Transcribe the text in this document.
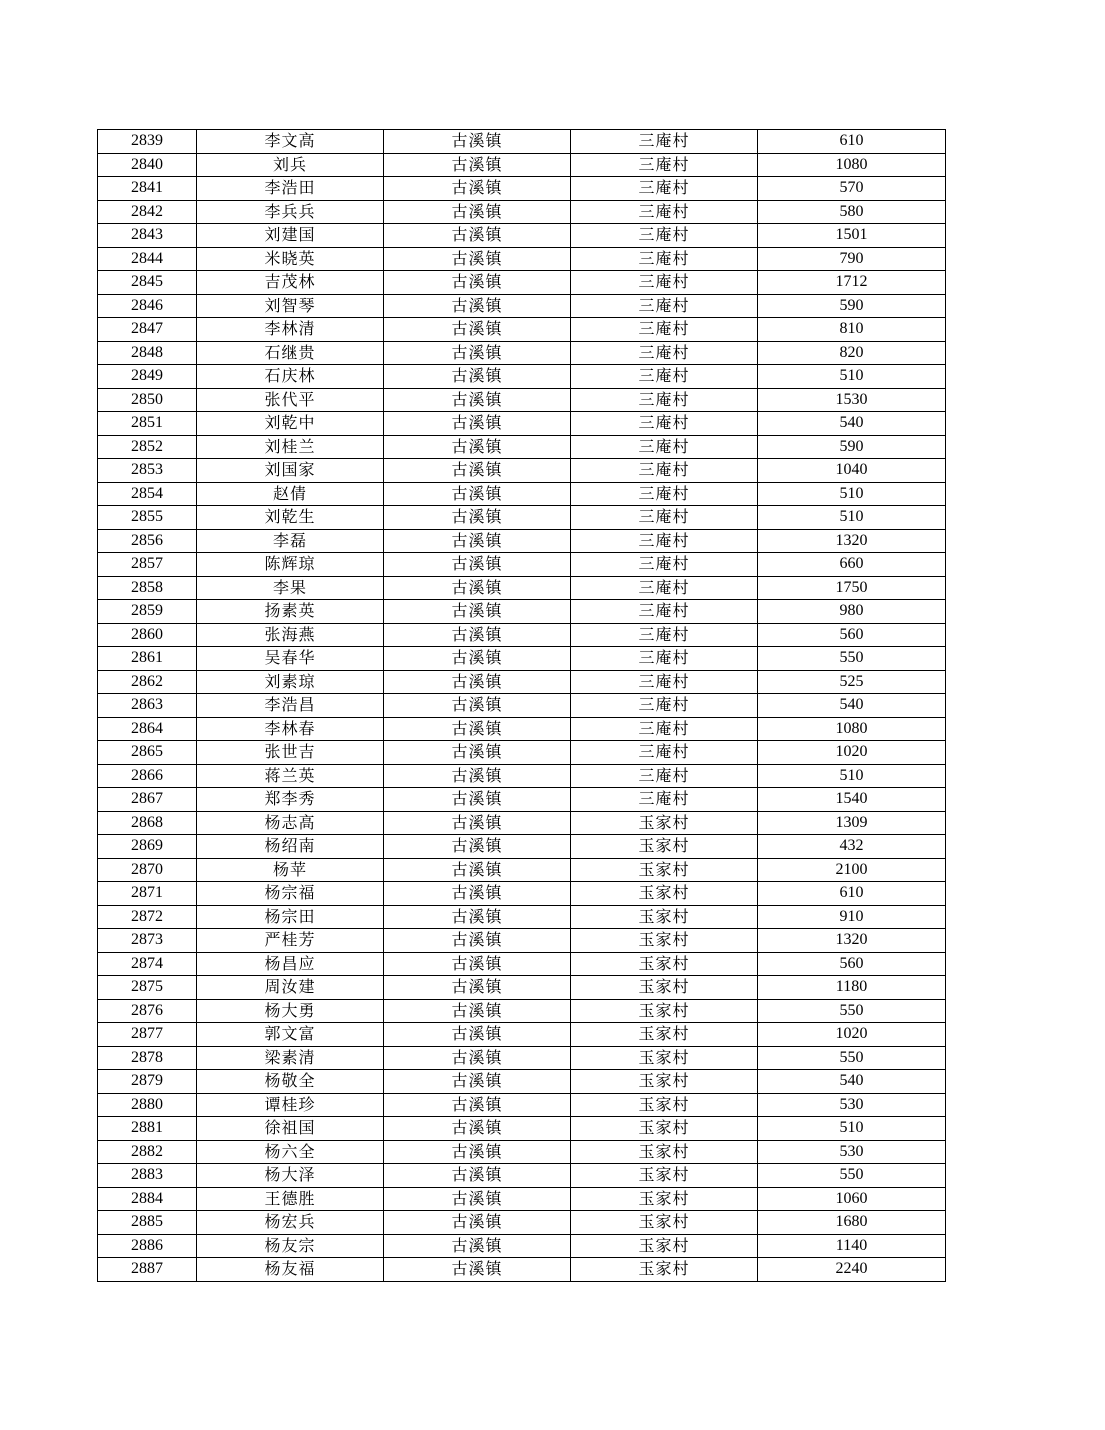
2839	李文高	古溪镇	三庵村	610
2840	刘兵	古溪镇	三庵村	1080
2841	李浩田	古溪镇	三庵村	570
2842	李兵兵	古溪镇	三庵村	580
2843	刘建国	古溪镇	三庵村	1501
2844	米晓英	古溪镇	三庵村	790
2845	吉茂林	古溪镇	三庵村	1712
2846	刘智琴	古溪镇	三庵村	590
2847	李林清	古溪镇	三庵村	810
2848	石继贵	古溪镇	三庵村	820
2849	石庆林	古溪镇	三庵村	510
2850	张代平	古溪镇	三庵村	1530
2851	刘乾中	古溪镇	三庵村	540
2852	刘桂兰	古溪镇	三庵村	590
2853	刘国家	古溪镇	三庵村	1040
2854	赵倩	古溪镇	三庵村	510
2855	刘乾生	古溪镇	三庵村	510
2856	李磊	古溪镇	三庵村	1320
2857	陈辉琼	古溪镇	三庵村	660
2858	李果	古溪镇	三庵村	1750
2859	扬素英	古溪镇	三庵村	980
2860	张海燕	古溪镇	三庵村	560
2861	吴春华	古溪镇	三庵村	550
2862	刘素琼	古溪镇	三庵村	525
2863	李浩昌	古溪镇	三庵村	540
2864	李林春	古溪镇	三庵村	1080
2865	张世吉	古溪镇	三庵村	1020
2866	蒋兰英	古溪镇	三庵村	510
2867	郑李秀	古溪镇	三庵村	1540
2868	杨志高	古溪镇	玉家村	1309
2869	杨绍南	古溪镇	玉家村	432
2870	杨苹	古溪镇	玉家村	2100
2871	杨宗福	古溪镇	玉家村	610
2872	杨宗田	古溪镇	玉家村	910
2873	严桂芳	古溪镇	玉家村	1320
2874	杨昌应	古溪镇	玉家村	560
2875	周汝建	古溪镇	玉家村	1180
2876	杨大勇	古溪镇	玉家村	550
2877	郭文富	古溪镇	玉家村	1020
2878	梁素清	古溪镇	玉家村	550
2879	杨敬全	古溪镇	玉家村	540
2880	谭桂珍	古溪镇	玉家村	530
2881	徐祖国	古溪镇	玉家村	510
2882	杨六全	古溪镇	玉家村	530
2883	杨大泽	古溪镇	玉家村	550
2884	王德胜	古溪镇	玉家村	1060
2885	杨宏兵	古溪镇	玉家村	1680
2886	杨友宗	古溪镇	玉家村	1140
2887	杨友福	古溪镇	玉家村	2240
